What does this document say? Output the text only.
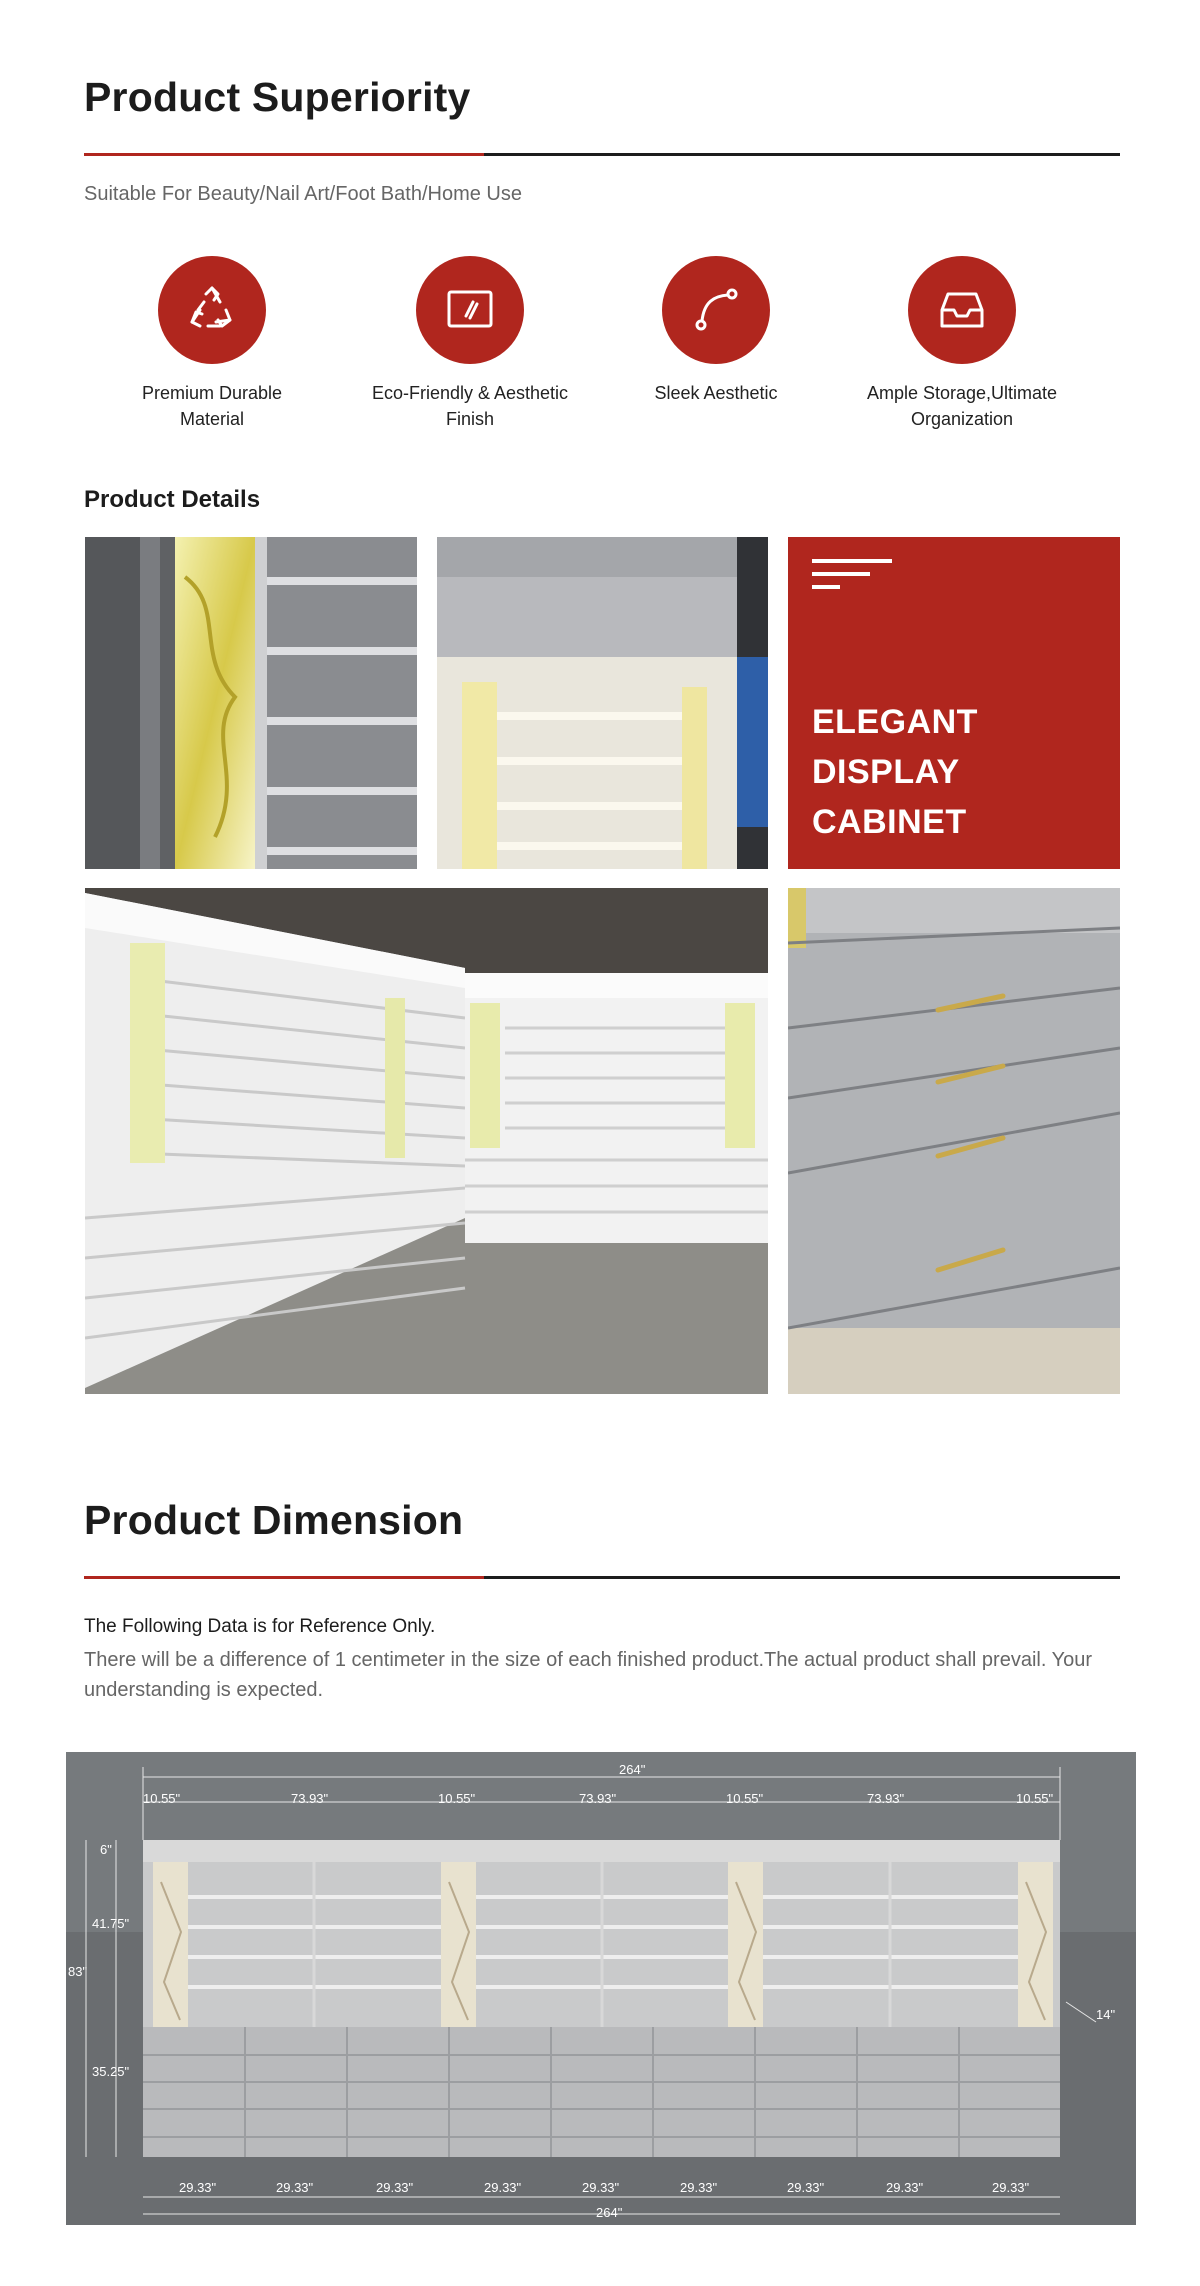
Product Superiority
Suitable For Beauty/Nail Art/Foot Bath/Home Use
Premium Durable
Material
Eco-Friendly & Aesthetic
Finish
Sleek Aesthetic	Ample Storage,Ultimate
Organization
Product Details
ELEGANT
DISPLAY
CABINET
Product Dimension
The Following Data is for Reference Only.
There will be a difference of 1 centimeter in the size of each finished product.The actual product shall prevail. Your understanding is expected.
264"
10.55"	73.93"	10.55"	73.93"	10.55"	73.93"	10.55"
6"
41.75"
83"
35.25"
14"
29.33"	29.33"	29.33"	29.33"	29.33"	29.33"	29.33"	29.33"	29.33"
264"
